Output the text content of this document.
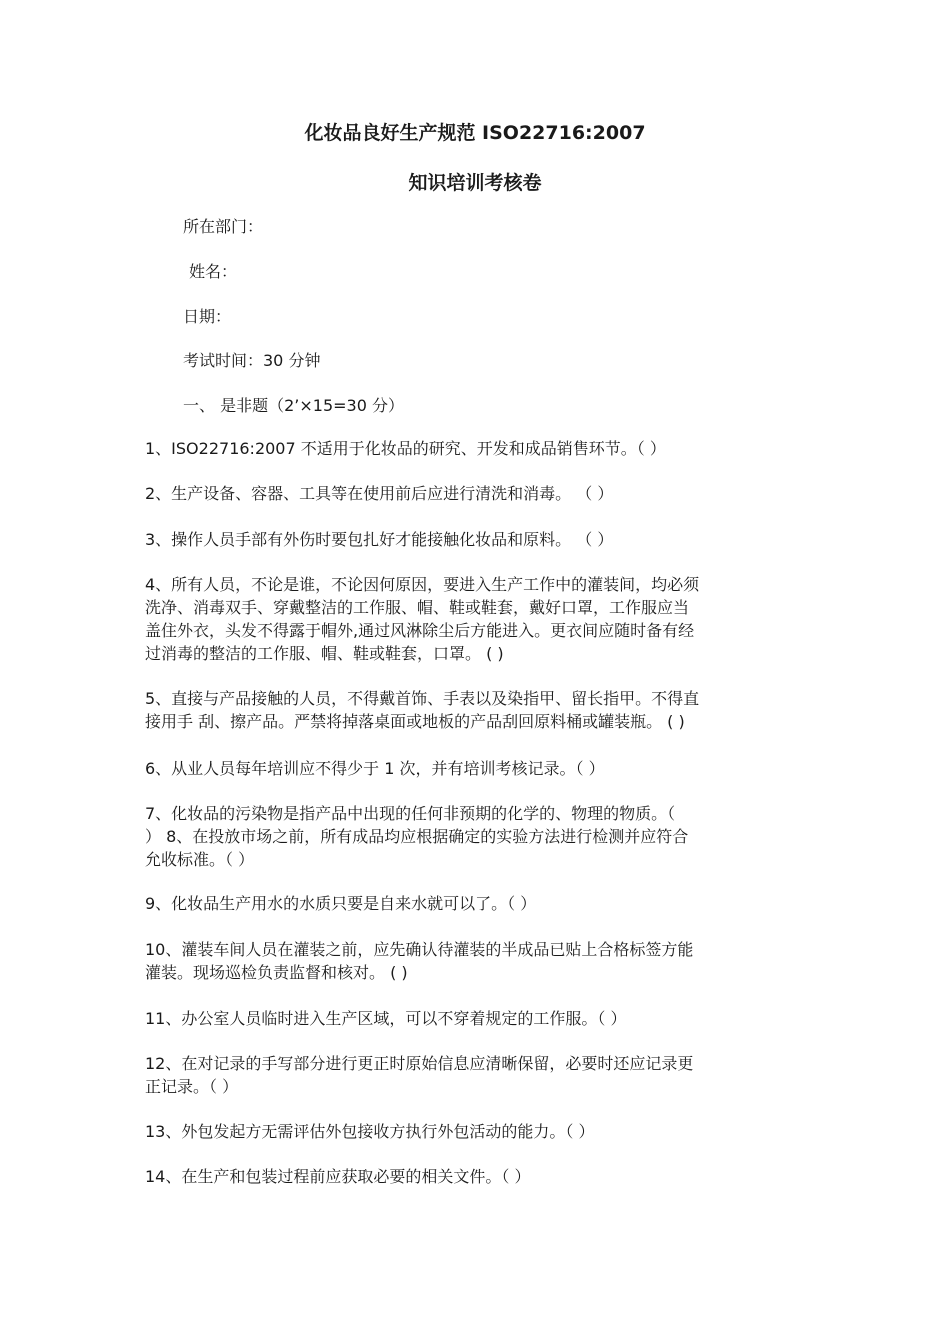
化妆品良好生产规范 ISO22716:2007
知识培训考核卷
所在部门：
姓名：
日期：
考试时间：30 分钟
一、 是非题（2’×15=30 分）
1、ISO22716:2007 不适用于化妆品的研究、开发和成品销售环节。（ ）
2、生产设备、容器、工具等在使用前后应进行清洗和消毒。 （ ）
3、操作人员手部有外伤时要包扎好才能接触化妆品和原料。 （ ）
4、所有人员，不论是谁，不论因何原因，要进入生产工作中的灌装间，均必须
洗净、消毒双手、穿戴整洁的工作服、帽、鞋或鞋套，戴好口罩，工作服应当
盖住外衣，头发不得露于帽外,通过风淋除尘后方能进入。更衣间应随时备有经
过消毒的整洁的工作服、帽、鞋或鞋套，口罩。 ( )
5、直接与产品接触的人员，不得戴首饰、手表以及染指甲、留长指甲。不得直
接用手 刮、擦产品。严禁将掉落桌面或地板的产品刮回原料桶或罐装瓶。 ( )
6、从业人员每年培训应不得少于 1 次，并有培训考核记录。（ ）
7、化妆品的污染物是指产品中出现的任何非预期的化学的、物理的物质。（
） 8、在投放市场之前，所有成品均应根据确定的实验方法进行检测并应符合
允收标准。（ ）
9、化妆品生产用水的水质只要是自来水就可以了。（ ）
10、灌装车间人员在灌装之前，应先确认待灌装的半成品已贴上合格标签方能
灌装。现场巡检负责监督和核对。 ( )
11、办公室人员临时进入生产区域，可以不穿着规定的工作服。（ ）
12、在对记录的手写部分进行更正时原始信息应清晰保留，必要时还应记录更
正记录。（ ）
13、外包发起方无需评估外包接收方执行外包活动的能力。（ ）
14、在生产和包装过程前应获取必要的相关文件。（ ）
